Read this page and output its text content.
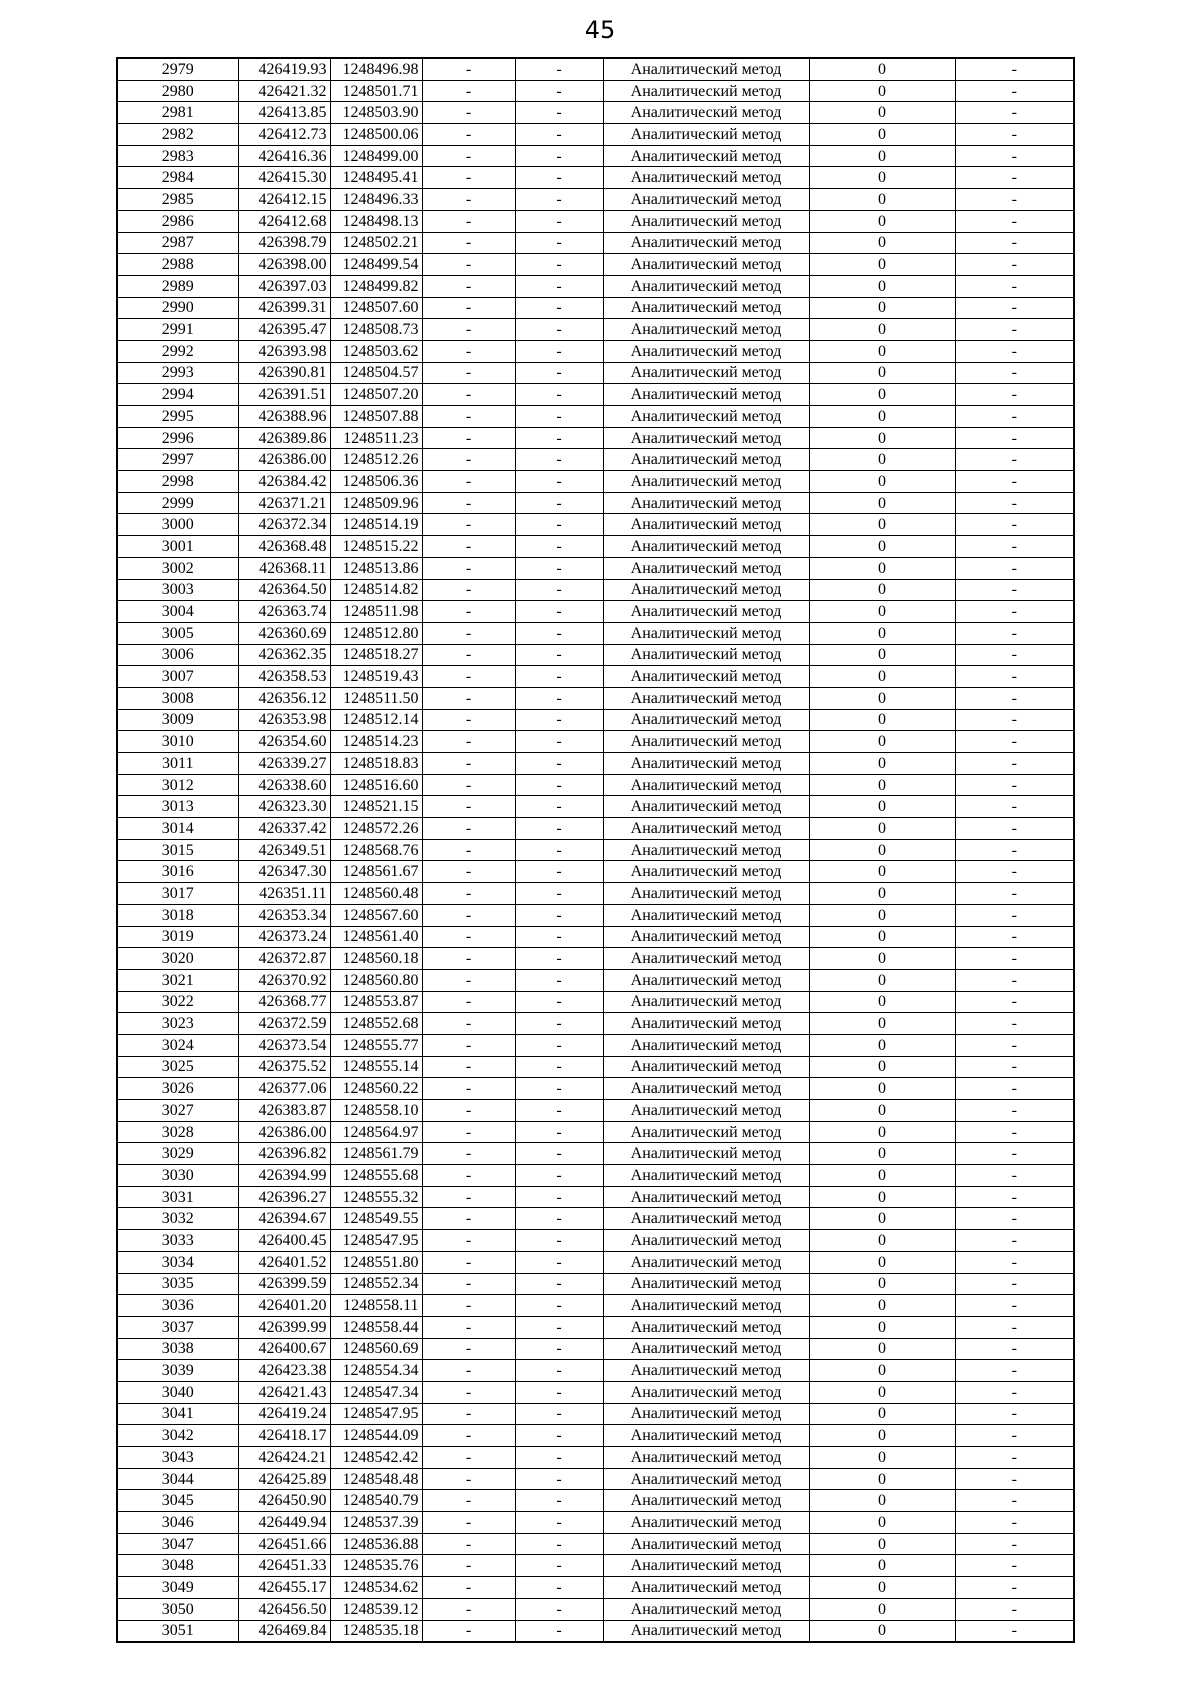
45
2979	426419.93	1248496.98	-	-	Аналитический метод	0	-
2980	426421.32	1248501.71	-	-	Аналитический метод	0	-
2981	426413.85	1248503.90	-	-	Аналитический метод	0	-
2982	426412.73	1248500.06	-	-	Аналитический метод	0	-
2983	426416.36	1248499.00	-	-	Аналитический метод	0	-
2984	426415.30	1248495.41	-	-	Аналитический метод	0	-
2985	426412.15	1248496.33	-	-	Аналитический метод	0	-
2986	426412.68	1248498.13	-	-	Аналитический метод	0	-
2987	426398.79	1248502.21	-	-	Аналитический метод	0	-
2988	426398.00	1248499.54	-	-	Аналитический метод	0	-
2989	426397.03	1248499.82	-	-	Аналитический метод	0	-
2990	426399.31	1248507.60	-	-	Аналитический метод	0	-
2991	426395.47	1248508.73	-	-	Аналитический метод	0	-
2992	426393.98	1248503.62	-	-	Аналитический метод	0	-
2993	426390.81	1248504.57	-	-	Аналитический метод	0	-
2994	426391.51	1248507.20	-	-	Аналитический метод	0	-
2995	426388.96	1248507.88	-	-	Аналитический метод	0	-
2996	426389.86	1248511.23	-	-	Аналитический метод	0	-
2997	426386.00	1248512.26	-	-	Аналитический метод	0	-
2998	426384.42	1248506.36	-	-	Аналитический метод	0	-
2999	426371.21	1248509.96	-	-	Аналитический метод	0	-
3000	426372.34	1248514.19	-	-	Аналитический метод	0	-
3001	426368.48	1248515.22	-	-	Аналитический метод	0	-
3002	426368.11	1248513.86	-	-	Аналитический метод	0	-
3003	426364.50	1248514.82	-	-	Аналитический метод	0	-
3004	426363.74	1248511.98	-	-	Аналитический метод	0	-
3005	426360.69	1248512.80	-	-	Аналитический метод	0	-
3006	426362.35	1248518.27	-	-	Аналитический метод	0	-
3007	426358.53	1248519.43	-	-	Аналитический метод	0	-
3008	426356.12	1248511.50	-	-	Аналитический метод	0	-
3009	426353.98	1248512.14	-	-	Аналитический метод	0	-
3010	426354.60	1248514.23	-	-	Аналитический метод	0	-
3011	426339.27	1248518.83	-	-	Аналитический метод	0	-
3012	426338.60	1248516.60	-	-	Аналитический метод	0	-
3013	426323.30	1248521.15	-	-	Аналитический метод	0	-
3014	426337.42	1248572.26	-	-	Аналитический метод	0	-
3015	426349.51	1248568.76	-	-	Аналитический метод	0	-
3016	426347.30	1248561.67	-	-	Аналитический метод	0	-
3017	426351.11	1248560.48	-	-	Аналитический метод	0	-
3018	426353.34	1248567.60	-	-	Аналитический метод	0	-
3019	426373.24	1248561.40	-	-	Аналитический метод	0	-
3020	426372.87	1248560.18	-	-	Аналитический метод	0	-
3021	426370.92	1248560.80	-	-	Аналитический метод	0	-
3022	426368.77	1248553.87	-	-	Аналитический метод	0	-
3023	426372.59	1248552.68	-	-	Аналитический метод	0	-
3024	426373.54	1248555.77	-	-	Аналитический метод	0	-
3025	426375.52	1248555.14	-	-	Аналитический метод	0	-
3026	426377.06	1248560.22	-	-	Аналитический метод	0	-
3027	426383.87	1248558.10	-	-	Аналитический метод	0	-
3028	426386.00	1248564.97	-	-	Аналитический метод	0	-
3029	426396.82	1248561.79	-	-	Аналитический метод	0	-
3030	426394.99	1248555.68	-	-	Аналитический метод	0	-
3031	426396.27	1248555.32	-	-	Аналитический метод	0	-
3032	426394.67	1248549.55	-	-	Аналитический метод	0	-
3033	426400.45	1248547.95	-	-	Аналитический метод	0	-
3034	426401.52	1248551.80	-	-	Аналитический метод	0	-
3035	426399.59	1248552.34	-	-	Аналитический метод	0	-
3036	426401.20	1248558.11	-	-	Аналитический метод	0	-
3037	426399.99	1248558.44	-	-	Аналитический метод	0	-
3038	426400.67	1248560.69	-	-	Аналитический метод	0	-
3039	426423.38	1248554.34	-	-	Аналитический метод	0	-
3040	426421.43	1248547.34	-	-	Аналитический метод	0	-
3041	426419.24	1248547.95	-	-	Аналитический метод	0	-
3042	426418.17	1248544.09	-	-	Аналитический метод	0	-
3043	426424.21	1248542.42	-	-	Аналитический метод	0	-
3044	426425.89	1248548.48	-	-	Аналитический метод	0	-
3045	426450.90	1248540.79	-	-	Аналитический метод	0	-
3046	426449.94	1248537.39	-	-	Аналитический метод	0	-
3047	426451.66	1248536.88	-	-	Аналитический метод	0	-
3048	426451.33	1248535.76	-	-	Аналитический метод	0	-
3049	426455.17	1248534.62	-	-	Аналитический метод	0	-
3050	426456.50	1248539.12	-	-	Аналитический метод	0	-
3051	426469.84	1248535.18	-	-	Аналитический метод	0	-
